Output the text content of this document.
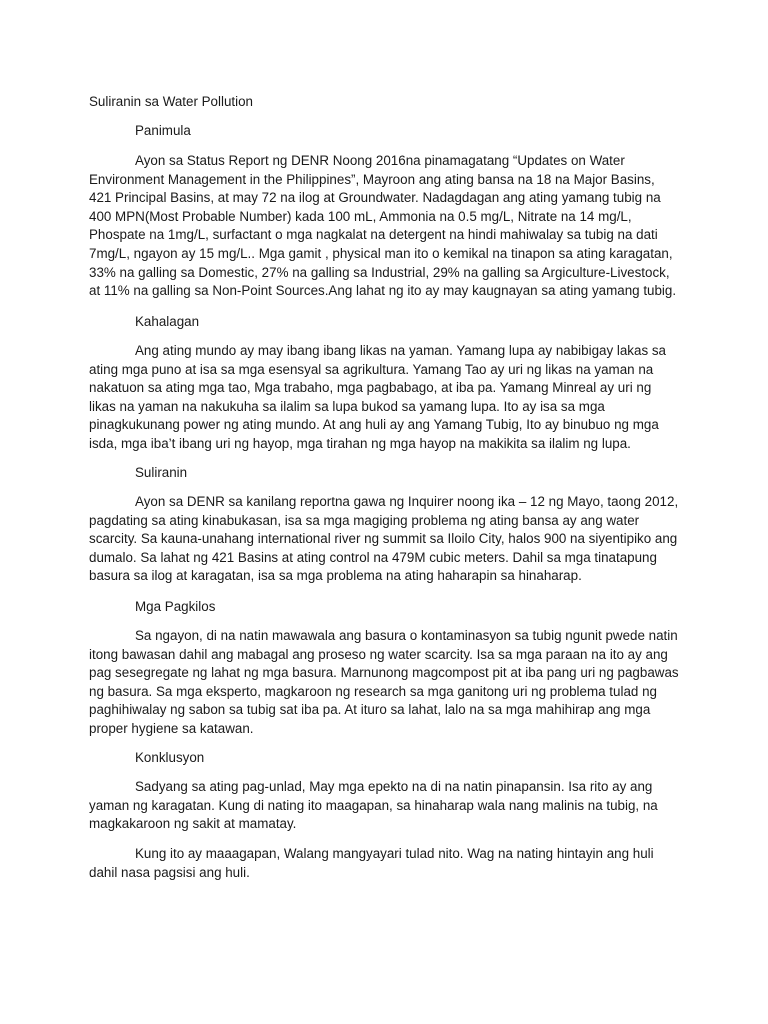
Suliranin sa Water Pollution
Panimula

Ayon sa Status Report ng DENR Noong 2016na pinamagatang “Updates on Water Environment Management in the Philippines”, Mayroon ang ating bansa na 18 na Major Basins, 421 Principal Basins, at may 72 na ilog at Groundwater. Nadagdagan ang ating yamang tubig na 400 MPN(Most Probable Number) kada 100 mL, Ammonia na 0.5 mg/L, Nitrate na 14 mg/L, Phospate na 1mg/L, surfactant o mga nagkalat na detergent na hindi mahiwalay sa tubig na dati 7mg/L, ngayon ay 15 mg/L.. Mga gamit , physical man ito o kemikal na tinapon sa ating karagatan, 33% na galling sa Domestic, 27% na galling sa Industrial, 29% na galling sa Argiculture-Livestock, at 11% na galling sa Non-Point Sources.Ang lahat ng ito ay may kaugnayan sa ating yamang tubig.

Kahalagan

Ang ating mundo ay may ibang ibang likas na yaman. Yamang lupa ay nabibigay lakas sa ating mga puno at isa sa mga esensyal sa agrikultura. Yamang Tao ay uri ng likas na yaman na nakatuon sa ating mga tao, Mga trabaho, mga pagbabago, at iba pa. Yamang Minreal ay uri ng likas na yaman na nakukuha sa ilalim sa lupa bukod sa yamang lupa. Ito ay isa sa mga pinagkukunang power ng ating mundo. At ang huli ay ang Yamang Tubig, Ito ay binubuo ng mga isda, mga iba’t ibang uri ng hayop, mga tirahan ng mga hayop na makikita sa ilalim ng lupa.

Suliranin

Ayon sa DENR sa kanilang reportna gawa ng Inquirer noong ika – 12 ng Mayo, taong 2012, pagdating sa ating kinabukasan, isa sa mga magiging problema ng ating bansa ay ang water scarcity. Sa kauna-unahang international river ng summit sa Iloilo City, halos 900 na siyentipiko ang dumalo. Sa lahat ng 421 Basins at ating control na 479M cubic meters. Dahil sa mga tinatapung basura sa ilog at karagatan, isa sa mga problema na ating haharapin sa hinaharap.

Mga Pagkilos

Sa ngayon, di na natin mawawala ang basura o kontaminasyon sa tubig ngunit pwede natin itong bawasan dahil ang mabagal ang proseso ng water scarcity. Isa sa mga paraan na ito ay ang pag sesegregate ng lahat ng mga basura. Marnunong magcompost pit at iba pang uri ng pagbawas ng basura. Sa mga eksperto, magkaroon ng research sa mga ganitong uri ng problema tulad ng paghihiwalay ng sabon sa tubig sat iba pa. At ituro sa lahat, lalo na sa mga mahihirap ang mga proper hygiene sa katawan.

Konklusyon

Sadyang sa ating pag-unlad, May mga epekto na di na natin pinapansin. Isa rito ay ang yaman ng karagatan. Kung di nating ito maagapan, sa hinaharap wala nang malinis na tubig, na magkakaroon ng sakit at mamatay.

Kung ito ay maaagapan, Walang mangyayari tulad nito. Wag na nating hintayin ang huli dahil nasa pagsisi ang huli.
